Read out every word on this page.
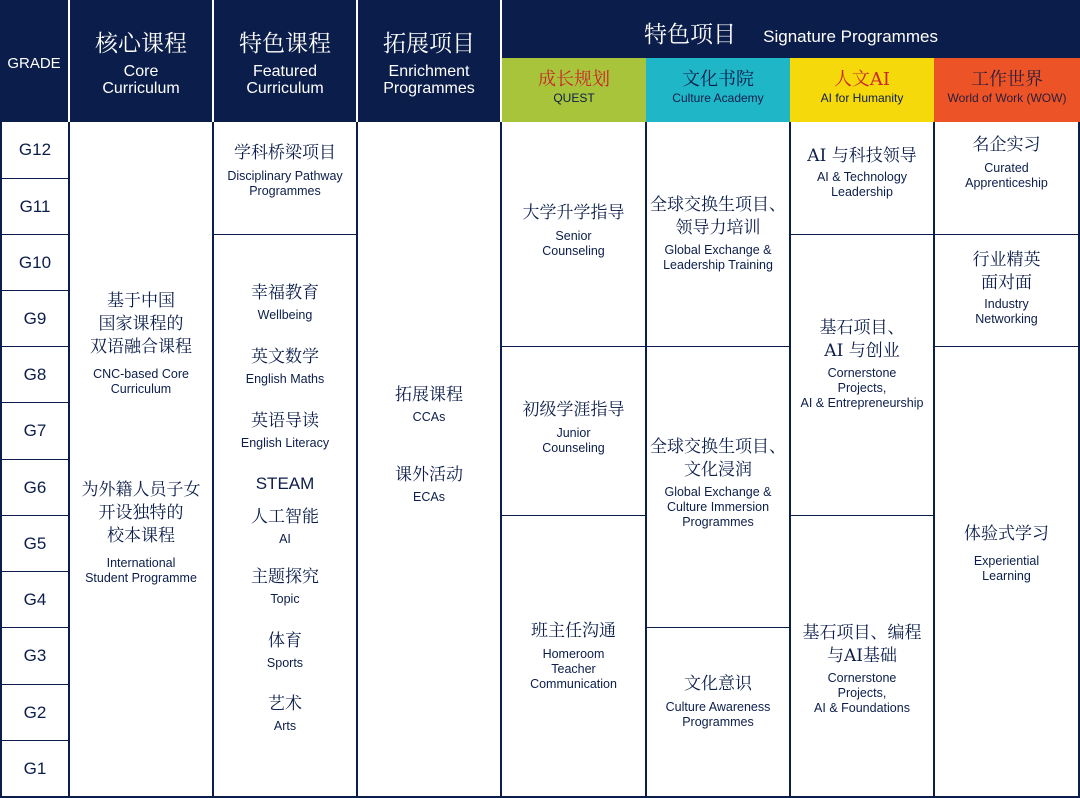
GRADE
核心课程
Core
Curriculum
特色课程
Featured
Curriculum
拓展项目
Enrichment
Programmes
特色项目 Signature Programmes
成长规划
QUEST
文化书院
Culture Academy
人文AI
AI for Humanity
工作世界
World of Work (WOW)
G12
G11
G10
G9
G8
G7
G6
G5
G4
G3
G2
G1
基于中国
国家课程的
双语融合课程
CNC-based Core
Curriculum
为外籍人员子女
开设独特的
校本课程
International
Student Programme
学科桥梁项目
Disciplinary Pathway
Programmes
幸福教育
Wellbeing
英文数学
English Maths
英语导读
English Literacy
STEAM
人工智能
AI
主题探究
Topic
体育
Sports
艺术
Arts
拓展课程
CCAs
课外活动
ECAs
大学升学指导
Senior
Counseling
初级学涯指导
Junior
Counseling
班主任沟通
Homeroom
Teacher
Communication
全球交换生项目、
领导力培训
Global Exchange &
Leadership Training
全球交换生项目、
文化浸润
Global Exchange &
Culture Immersion
Programmes
文化意识
Culture Awareness
Programmes
AI 与科技领导
AI & Technology
Leadership
基石项目、
AI 与创业
Cornerstone
Projects,
AI & Entrepreneurship
基石项目、编程
与AI基础
Cornerstone
Projects,
AI & Foundations
名企实习
Curated
Apprenticeship
行业精英
面对面
Industry
Networking
体验式学习
Experiential
Learning
